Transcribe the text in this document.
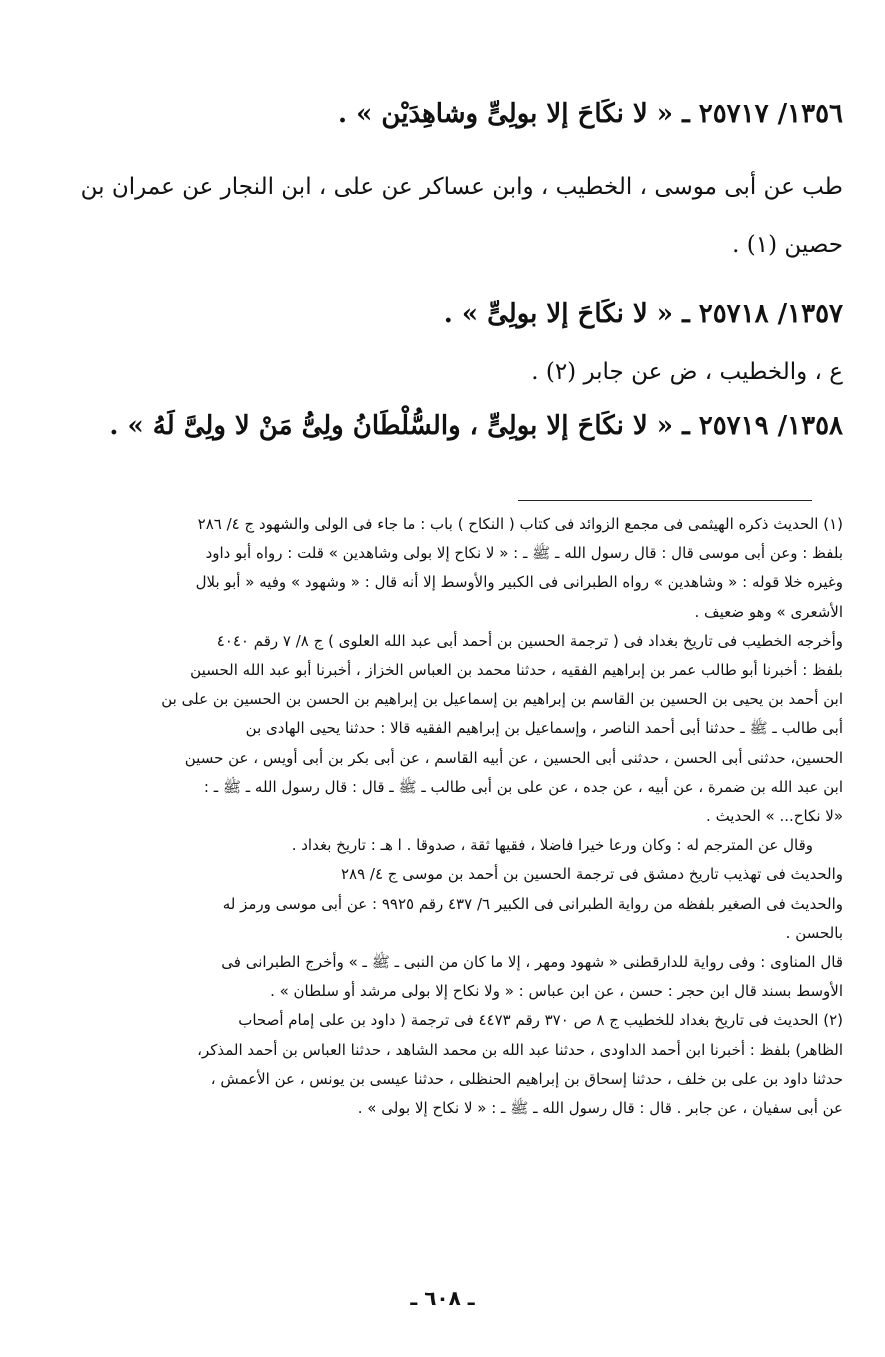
١٣٥٦/ ٢٥٧١٧ ـ « لا نكَاحَ إلا بولِىٍّ وشاهِدَيْن » .
طب عن أبى موسى ، الخطيب ، وابن عساكر عن على ، ابن النجار عن عمران بن
حصين (١) .
١٣٥٧/ ٢٥٧١٨ ـ « لا نكَاحَ إلا بولِىٍّ » .
ع ، والخطيب ، ض عن جابر (٢) .
١٣٥٨/ ٢٥٧١٩ ـ « لا نكَاحَ إلا بولِىٍّ ، والسُّلْطَانُ ولِىُّ مَنْ لا ولِىَّ لَهُ » .

(١) الحديث ذكره الهيثمى فى مجمع الزوائد فى كتاب ( النكاح ) باب : ما جاء فى الولى والشهود ج ٤/ ٢٨٦

بلفظ : وعن أبى موسى قال : قال رسول الله ـ ﷺ ـ : « لا نكاح إلا بولى وشاهدين » قلت : رواه أبو داود

وغيره خلا قوله : « وشاهدين » رواه الطبرانى فى الكبير والأوسط إلا أنه قال : « وشهود » وفيه « أبو بلال

الأشعرى » وهو ضعيف .

وأخرجه الخطيب فى تاريخ بغداد فى ( ترجمة الحسين بن أحمد أبى عبد الله العلوى ) ج ٨/ ٧ رقم ٤٠٤٠

بلفظ : أخبرنا أبو طالب عمر بن إبراهيم الفقيه ، حدثنا محمد بن العباس الخزاز ، أخبرنا أبو عبد الله الحسين

ابن أحمد بن يحيى بن الحسين بن القاسم بن إبراهيم بن إسماعيل بن إبراهيم بن الحسن بن الحسين بن على بن

أبى طالب ـ ﷺ ـ حدثنا أبى أحمد الناصر ، وإسماعيل بن إبراهيم الفقيه قالا : حدثنا يحيى الهادى بن

الحسين، حدثنى أبى الحسن ، حدثنى أبى الحسين ، عن أبيه القاسم ، عن أبى بكر بن أبى أويس ، عن حسين

ابن عبد الله بن ضمرة ، عن أبيه ، عن جده ، عن على بن أبى طالب ـ ﷺ ـ قال : قال رسول الله ـ ﷺ ـ :

«لا نكاح... » الحديث .

وقال عن المترجم له : وكان ورعا خيرا فاضلا ، فقيها ثقة ، صدوقا . ا هـ : تاريخ بغداد .

والحديث فى تهذيب تاريخ دمشق فى ترجمة الحسين بن أحمد بن موسى ج ٤/ ٢٨٩

والحديث فى الصغير بلفظه من رواية الطبرانى فى الكبير ٦/ ٤٣٧ رقم ٩٩٢٥ : عن أبى موسى ورمز له

بالحسن .

قال المناوى : وفى رواية للدارقطنى « شهود ومهر ، إلا ما كان من النبى ـ ﷺ ـ » وأخرج الطبرانى فى

الأوسط بسند قال ابن حجر : حسن ، عن ابن عباس : « ولا نكاح إلا بولى مرشد أو سلطان » .

(٢) الحديث فى تاريخ بغداد للخطيب ج ٨ ص ٣٧٠ رقم ٤٤٧٣ فى ترجمة ( داود بن على إمام أصحاب

الظاهر) بلفظ : أخبرنا ابن أحمد الداودى ، حدثنا عبد الله بن محمد الشاهد ، حدثنا العباس بن أحمد المذكر،

حدثنا داود بن على بن خلف ، حدثنا إسحاق بن إبراهيم الحنظلى ، حدثنا عيسى بن يونس ، عن الأعمش ،

عن أبى سفيان ، عن جابر . قال : قال رسول الله ـ ﷺ ـ : « لا نكاح إلا بولى » .

ـ ٦٠٨ ـ
